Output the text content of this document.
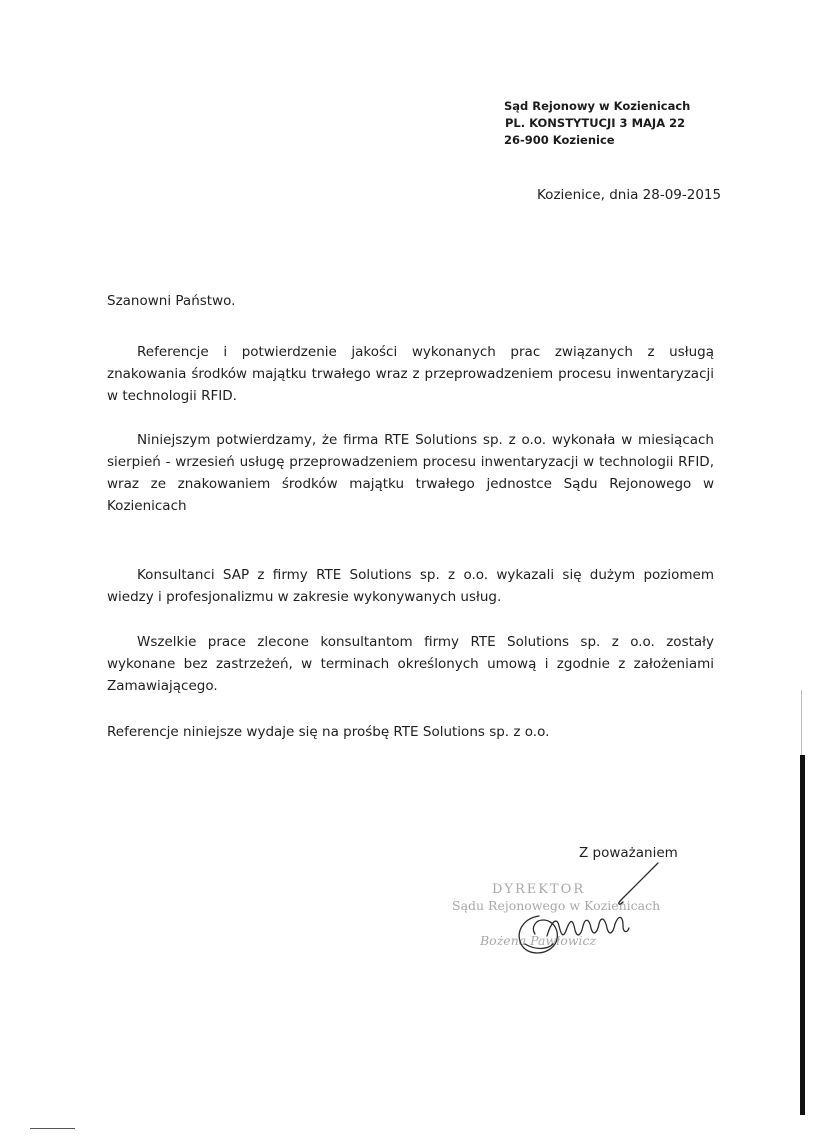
Sąd Rejonowy w Kozienicach
PL. KONSTYTUCJI 3 MAJA 22
26-900 Kozienice
Kozienice, dnia 28-09-2015
Szanowni Państwo.

Referencje i potwierdzenie jakości wykonanych prac związanych z usługą znakowania środków majątku trwałego wraz z przeprowadzeniem procesu inwentaryzacji w technologii RFID.

Niniejszym potwierdzamy, że firma RTE Solutions sp. z o.o. wykonała w miesiącach sierpień - wrzesień usługę przeprowadzeniem procesu inwentaryzacji w technologii RFID, wraz ze znakowaniem środków majątku trwałego jednostce Sądu Rejonowego w Kozienicach

Konsultanci SAP z firmy RTE Solutions sp. z o.o. wykazali się dużym poziomem wiedzy i profesjonalizmu w zakresie wykonywanych usług.

Wszelkie prace zlecone konsultantom firmy RTE Solutions sp. z o.o. zostały wykonane bez zastrzeżeń, w terminach określonych umową i zgodnie z założeniami Zamawiającego.

Referencje niniejsze wydaje się na prośbę RTE Solutions sp. z o.o.

Z poważaniem
DYREKTOR
Sądu Rejonowego w Kozienicach
Bożena Pawłowicz
